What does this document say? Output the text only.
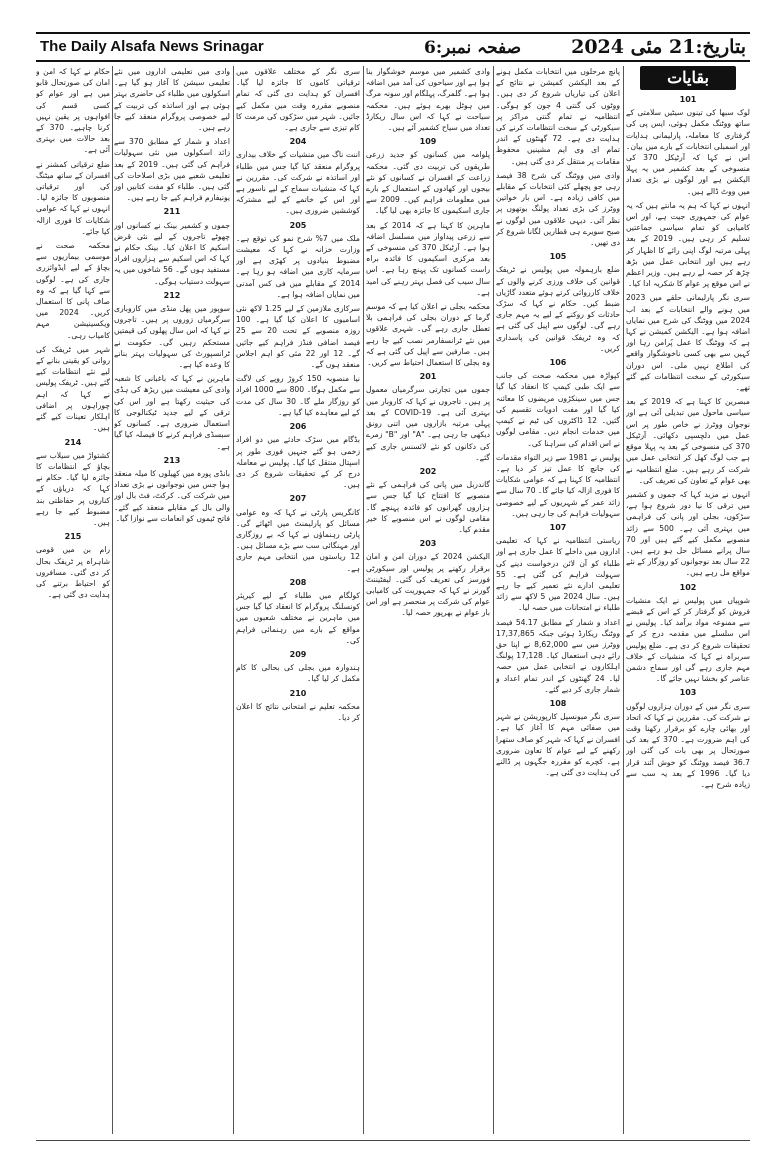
The Daily Alsafa News Srinagar	صفحہ نمبر:6	بتاریخ:21 مئی 2024
بقایات
101

لوک سبھا کی تینوں سیٹیں سلامتی کے ساتھ ووٹنگ مکمل ہوئی، ایس پی کی گرفتاری کا معاملہ، پارلیمانی ہدایات اور اسمبلی انتخابات کے بارے میں بیان۔ اس نے کہا کہ آرٹیکل 370 کی منسوخی کے بعد کشمیر میں یہ پہلا الیکشن ہے اور لوگوں نے بڑی تعداد میں ووٹ ڈالے ہیں۔

انہوں نے کہا کہ ہم یہ مانتے ہیں کہ یہ عوام کی جمہوری جیت ہے، اور اس کامیابی کو تمام سیاسی جماعتیں تسلیم کر رہی ہیں۔ 2019 کے بعد پہلی مرتبہ لوگ اپنی رائے کا اظہار کر رہے ہیں اور انتخابی عمل میں بڑھ چڑھ کر حصہ لے رہے ہیں۔ وزیر اعظم نے اس موقع پر عوام کا شکریہ ادا کیا۔

سری نگر پارلیمانی حلقے میں 2023 میں ہونے والے انتخابات کے بعد اب 2024 میں ووٹنگ کی شرح میں نمایاں اضافہ ہوا ہے۔ الیکشن کمیشن نے کہا ہے کہ ووٹنگ کا عمل پُرامن رہا اور کہیں سے بھی کسی ناخوشگوار واقعے کی اطلاع نہیں ملی۔ اس دوران سیکورٹی کے سخت انتظامات کیے گئے تھے۔

مبصرین کا کہنا ہے کہ 2019 کے بعد سیاسی ماحول میں تبدیلی آئی ہے اور نوجوان ووٹرز نے خاص طور پر اس عمل میں دلچسپی دکھائی۔ آرٹیکل 370 کی منسوخی کے بعد یہ پہلا موقع ہے جب لوگ کھل کر انتخابی عمل میں شرکت کر رہے ہیں۔ ضلع انتظامیہ نے بھی عوام کے تعاون کی تعریف کی۔

انہوں نے مزید کہا کہ جموں و کشمیر میں ترقی کا نیا دور شروع ہوا ہے، سڑکوں، بجلی اور پانی کی فراہمی میں بہتری آئی ہے۔ 500 سے زائد منصوبے مکمل کیے گئے ہیں اور 70 سال پرانے مسائل حل ہو رہے ہیں۔ 22 سال بعد نوجوانوں کو روزگار کے نئے مواقع مل رہے ہیں۔

102

شوپیاں میں پولیس نے ایک منشیات فروش کو گرفتار کر کے اس کے قبضے سے ممنوعہ مواد برآمد کیا۔ پولیس نے اس سلسلے میں مقدمہ درج کر کے تحقیقات شروع کر دی ہے۔ ضلع پولیس سربراہ نے کہا کہ منشیات کے خلاف مہم جاری رہے گی اور سماج دشمن عناصر کو بخشا نہیں جائے گا۔

103

سری نگر میں کے دوران ہزاروں لوگوں نے شرکت کی۔ مقررین نے کہا کہ اتحاد اور بھائی چارے کو برقرار رکھنا وقت کی اہم ضرورت ہے۔ 370 کے بعد کی صورتحال پر بھی بات کی گئی اور 36.7 فیصد ووٹنگ کو خوش آئند قرار دیا گیا۔ 1996 کے بعد یہ سب سے زیادہ شرح ہے۔

پانچ مرحلوں میں انتخابات مکمل ہونے کے بعد الیکشن کمیشن نے نتائج کے اعلان کی تیاریاں شروع کر دی ہیں۔ ووٹوں کی گنتی 4 جون کو ہوگی۔ انتظامیہ نے تمام گنتی مراکز پر سیکورٹی کے سخت انتظامات کرنے کی ہدایت دی ہے۔ 72 گھنٹوں کے اندر تمام ای وی ایم مشینیں محفوظ مقامات پر منتقل کر دی گئی ہیں۔

وادی میں ووٹنگ کی شرح 38 فیصد رہی جو پچھلے کئی انتخابات کے مقابلے میں کافی زیادہ ہے۔ اس بار خواتین ووٹرز کی بڑی تعداد پولنگ بوتھوں پر نظر آئی۔ دیہی علاقوں میں لوگوں نے صبح سویرے ہی قطاریں لگانا شروع کر دی تھیں۔

105

ضلع بارہمولہ میں پولیس نے ٹریفک قوانین کی خلاف ورزی کرنے والوں کے خلاف کارروائی کرتے ہوئے متعدد گاڑیاں ضبط کیں۔ حکام نے کہا کہ سڑک حادثات کو روکنے کے لیے یہ مہم جاری رہے گی۔ لوگوں سے اپیل کی گئی ہے کہ وہ ٹریفک قوانین کی پاسداری کریں۔

106

کپواڑہ میں محکمہ صحت کی جانب سے ایک طبی کیمپ کا انعقاد کیا گیا جس میں سینکڑوں مریضوں کا معائنہ کیا گیا اور مفت ادویات تقسیم کی گئیں۔ 12 ڈاکٹروں کی ٹیم نے کیمپ میں خدمات انجام دیں۔ مقامی لوگوں نے اس اقدام کی سراہنا کی۔

پولیس نے 1981 سے زیر التواء مقدمات کی جانچ کا عمل تیز کر دیا ہے۔ انتظامیہ کا کہنا ہے کہ عوامی شکایات کا فوری ازالہ کیا جائے گا۔ 70 سال سے زائد عمر کے شہریوں کے لیے خصوصی سہولیات فراہم کی جا رہی ہیں۔

107

ریاستی انتظامیہ نے کہا کہ تعلیمی اداروں میں داخلے کا عمل جاری ہے اور طلباء کو آن لائن درخواست دینے کی سہولت فراہم کی گئی ہے۔ 55 تعلیمی ادارے نئے تعمیر کیے جا رہے ہیں۔ سال 2024 میں 5 لاکھ سے زائد طلباء نے امتحانات میں حصہ لیا۔

اعداد و شمار کے مطابق 54.17 فیصد ووٹنگ ریکارڈ ہوئی جبکہ 17,37,865 ووٹرز میں سے 8,62,000 نے اپنا حق رائے دہی استعمال کیا۔ 17,128 پولنگ اہلکاروں نے انتخابی عمل میں حصہ لیا۔ 24 گھنٹوں کے اندر تمام اعداد و شمار جاری کر دیے گئے۔

108

سری نگر میونسپل کارپوریشن نے شہر میں صفائی مہم کا آغاز کیا ہے۔ افسران نے کہا کہ شہر کو صاف ستھرا رکھنے کے لیے عوام کا تعاون ضروری ہے۔ کچرے کو مقررہ جگہوں پر ڈالنے کی ہدایت دی گئی ہے۔

وادی کشمیر میں موسم خوشگوار بنا ہوا ہے اور سیاحوں کی آمد میں اضافہ ہوا ہے۔ گلمرگ، پہلگام اور سونہ مرگ میں ہوٹل بھرے ہوئے ہیں۔ محکمہ سیاحت نے کہا کہ اس سال ریکارڈ تعداد میں سیاح کشمیر آئے ہیں۔

109

پلوامہ میں کسانوں کو جدید زرعی طریقوں کی تربیت دی گئی۔ محکمہ زراعت کے افسران نے کسانوں کو نئے بیجوں اور کھادوں کے استعمال کے بارے میں معلومات فراہم کیں۔ 2009 سے جاری اسکیموں کا جائزہ بھی لیا گیا۔

ماہرین کا کہنا ہے کہ 2014 کے بعد سے زرعی پیداوار میں مسلسل اضافہ ہوا ہے۔ آرٹیکل 370 کی منسوخی کے بعد مرکزی اسکیموں کا فائدہ براہ راست کسانوں تک پہنچ رہا ہے۔ اس سال سیب کی فصل بہتر رہنے کی امید ہے۔

محکمہ بجلی نے اعلان کیا ہے کہ موسم گرما کے دوران بجلی کی فراہمی بلا تعطل جاری رہے گی۔ شہری علاقوں میں نئے ٹرانسفارمر نصب کیے جا رہے ہیں۔ صارفین سے اپیل کی گئی ہے کہ وہ بجلی کا استعمال احتیاط سے کریں۔

201

جموں میں تجارتی سرگرمیاں معمول پر ہیں۔ تاجروں نے کہا کہ کاروبار میں بہتری آئی ہے۔ COVID-19 کے بعد پہلی مرتبہ بازاروں میں اتنی رونق دیکھی جا رہی ہے۔ "A" اور "B" زمرے کی دکانوں کو نئے لائسنس جاری کیے گئے۔

202

گاندربل میں پانی کی فراہمی کے نئے منصوبے کا افتتاح کیا گیا جس سے ہزاروں گھرانوں کو فائدہ پہنچے گا۔ مقامی لوگوں نے اس منصوبے کا خیر مقدم کیا۔

203

الیکشن 2024 کے دوران امن و امان برقرار رکھنے پر پولیس اور سیکورٹی فورسز کی تعریف کی گئی۔ لیفٹیننٹ گورنر نے کہا کہ جمہوریت کی کامیابی عوام کی شرکت پر منحصر ہے اور اس بار عوام نے بھرپور حصہ لیا۔

سری نگر کے مختلف علاقوں میں ترقیاتی کاموں کا جائزہ لیا گیا۔ افسران کو ہدایت دی گئی کہ تمام منصوبے مقررہ وقت میں مکمل کیے جائیں۔ شہر میں سڑکوں کی مرمت کا کام تیزی سے جاری ہے۔

204

اننت ناگ میں منشیات کے خلاف بیداری پروگرام منعقد کیا گیا جس میں طلباء اور اساتذہ نے شرکت کی۔ مقررین نے کہا کہ منشیات سماج کے لیے ناسور ہے اور اس کے خاتمے کے لیے مشترکہ کوششیں ضروری ہیں۔

205

ملک میں 7% شرح نمو کی توقع ہے۔ وزارت خزانہ نے کہا کہ معیشت مضبوط بنیادوں پر کھڑی ہے اور سرمایہ کاری میں اضافہ ہو رہا ہے۔ 2014 کے مقابلے میں فی کس آمدنی میں نمایاں اضافہ ہوا ہے۔

سرکاری ملازمین کے لیے 1.25 لاکھ نئی اسامیوں کا اعلان کیا گیا ہے۔ 100 روزہ منصوبے کے تحت 20 سے 25 فیصد اضافی فنڈز فراہم کیے جائیں گے۔ 12 اور 22 مئی کو اہم اجلاس منعقد ہوں گے۔

نیا منصوبہ 150 کروڑ روپے کی لاگت سے مکمل ہوگا۔ 800 سے 1000 افراد کو روزگار ملے گا۔ 30 سال کی مدت کے لیے معاہدہ کیا گیا ہے۔

206

بڈگام میں سڑک حادثے میں دو افراد زخمی ہو گئے جنہیں فوری طور پر اسپتال منتقل کیا گیا۔ پولیس نے معاملہ درج کر کے تحقیقات شروع کر دی ہیں۔

207

کانگریس پارٹی نے کہا کہ وہ عوامی مسائل کو پارلیمنٹ میں اٹھائے گی۔ پارٹی رہنماؤں نے کہا کہ بے روزگاری اور مہنگائی سب سے بڑے مسائل ہیں۔ 12 ریاستوں میں انتخابی مہم جاری ہے۔

208

کولگام میں طلباء کے لیے کیریئر کونسلنگ پروگرام کا انعقاد کیا گیا جس میں ماہرین نے مختلف شعبوں میں مواقع کے بارے میں رہنمائی فراہم کی۔

209

ہندوارہ میں بجلی کی بحالی کا کام مکمل کر لیا گیا۔

210

محکمہ تعلیم نے امتحانی نتائج کا اعلان کر دیا۔

وادی میں تعلیمی اداروں میں نئے تعلیمی سیشن کا آغاز ہو گیا ہے۔ اسکولوں میں طلباء کی حاضری بہتر ہوئی ہے اور اساتذہ کی تربیت کے لیے خصوصی پروگرام منعقد کیے جا رہے ہیں۔

اعداد و شمار کے مطابق 370 سے زائد اسکولوں میں نئی سہولیات فراہم کی گئی ہیں۔ 2019 کے بعد تعلیمی شعبے میں بڑی اصلاحات کی گئی ہیں۔ طلباء کو مفت کتابیں اور یونیفارم فراہم کیے جا رہے ہیں۔

211

جموں و کشمیر بینک نے کسانوں اور چھوٹے تاجروں کے لیے نئی قرض اسکیم کا اعلان کیا۔ بینک حکام نے کہا کہ اس اسکیم سے ہزاروں افراد مستفید ہوں گے۔ 56 شاخوں میں یہ سہولت دستیاب ہوگی۔

212

سوپور میں پھل منڈی میں کاروباری سرگرمیاں زوروں پر ہیں۔ تاجروں نے کہا کہ اس سال پھلوں کی قیمتیں مستحکم رہیں گی۔ حکومت نے ٹرانسپورٹ کی سہولیات بہتر بنانے کا وعدہ کیا ہے۔

ماہرین نے کہا کہ باغبانی کا شعبہ وادی کی معیشت میں ریڑھ کی ہڈی کی حیثیت رکھتا ہے اور اس کی ترقی کے لیے جدید ٹیکنالوجی کا استعمال ضروری ہے۔ کسانوں کو سبسڈی فراہم کرنے کا فیصلہ کیا گیا ہے۔

213

بانڈی پورہ میں کھیلوں کا میلہ منعقد ہوا جس میں نوجوانوں نے بڑی تعداد میں شرکت کی۔ کرکٹ، فٹ بال اور والی بال کے مقابلے منعقد کیے گئے۔ فاتح ٹیموں کو انعامات سے نوازا گیا۔

حکام نے کہا کہ امن و امان کی صورتحال قابو میں ہے اور عوام کو کسی قسم کی افواہوں پر یقین نہیں کرنا چاہیے۔ 370 کے بعد حالات میں بہتری آئی ہے۔

ضلع ترقیاتی کمشنر نے افسران کے ساتھ میٹنگ کی اور ترقیاتی منصوبوں کا جائزہ لیا۔ انہوں نے کہا کہ عوامی شکایات کا فوری ازالہ کیا جائے۔

محکمہ صحت نے موسمی بیماریوں سے بچاؤ کے لیے ایڈوائزری جاری کی ہے۔ لوگوں سے کہا گیا ہے کہ وہ صاف پانی کا استعمال کریں۔ 2024 میں ویکسینیشن مہم کامیاب رہی۔

شہر میں ٹریفک کی روانی کو یقینی بنانے کے لیے نئے انتظامات کیے گئے ہیں۔ ٹریفک پولیس نے کہا کہ اہم چوراہوں پر اضافی اہلکار تعینات کیے گئے ہیں۔

214

کشتواڑ میں سیلاب سے بچاؤ کے انتظامات کا جائزہ لیا گیا۔ حکام نے کہا کہ دریاؤں کے کناروں پر حفاظتی بند مضبوط کیے جا رہے ہیں۔

215

رام بن میں قومی شاہراہ پر ٹریفک بحال کر دی گئی۔ مسافروں کو احتیاط برتنے کی ہدایت دی گئی ہے۔
